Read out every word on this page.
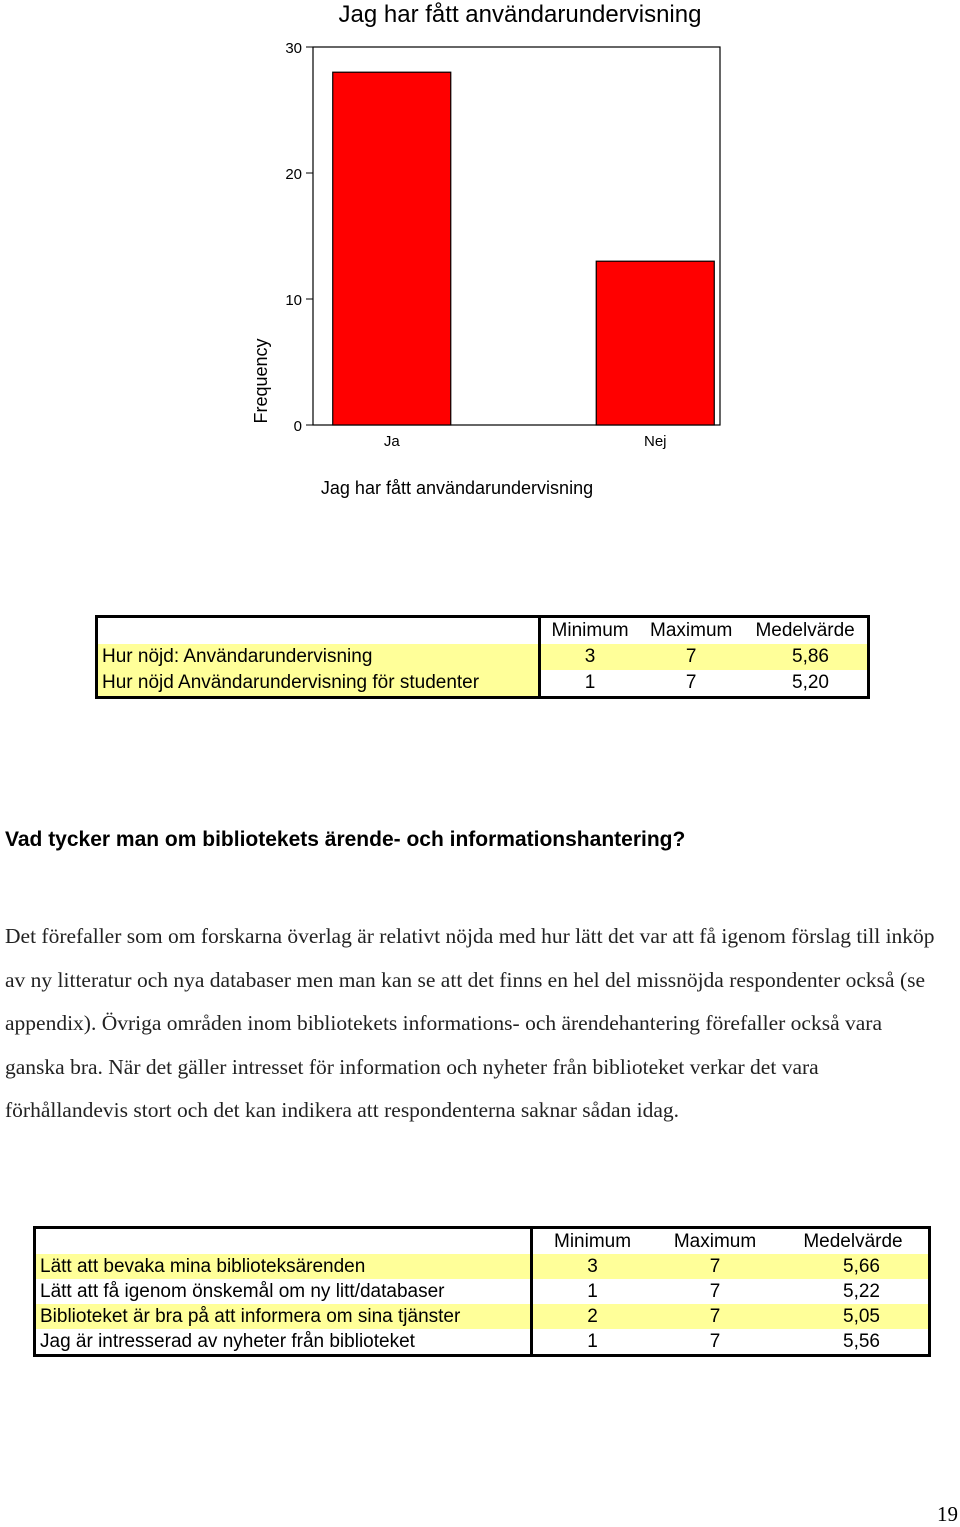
Jag har fått användarundervisning
0
10
20
30
Ja	Nej
Frequency
Jag har fått användarundervisning
	Minimum	Maximum	Medelvärde
Hur nöjd: Användarundervisning	3	7	5,86
Hur nöjd Användarundervisning för studenter	1	7	5,20
Vad tycker man om bibliotekets ärende- och informationshantering?

Det förefaller som om forskarna överlag är relativt nöjda med hur lätt det var att få igenom förslag till inköp av ny litteratur och nya databaser men man kan se att det finns en hel del missnöjda respondenter också (se appendix). Övriga områden inom bibliotekets informations- och ärendehantering förefaller också vara ganska bra. När det gäller intresset för information och nyheter från biblioteket verkar det vara förhållandevis stort och det kan indikera att respondenterna saknar sådan idag.

	Minimum	Maximum	Medelvärde
Lätt att bevaka mina biblioteksärenden	3	7	5,66
Lätt att få igenom önskemål om ny litt/databaser	1	7	5,22
Biblioteket är bra på att informera om sina tjänster	2	7	5,05
Jag är intresserad av nyheter från biblioteket	1	7	5,56
19
